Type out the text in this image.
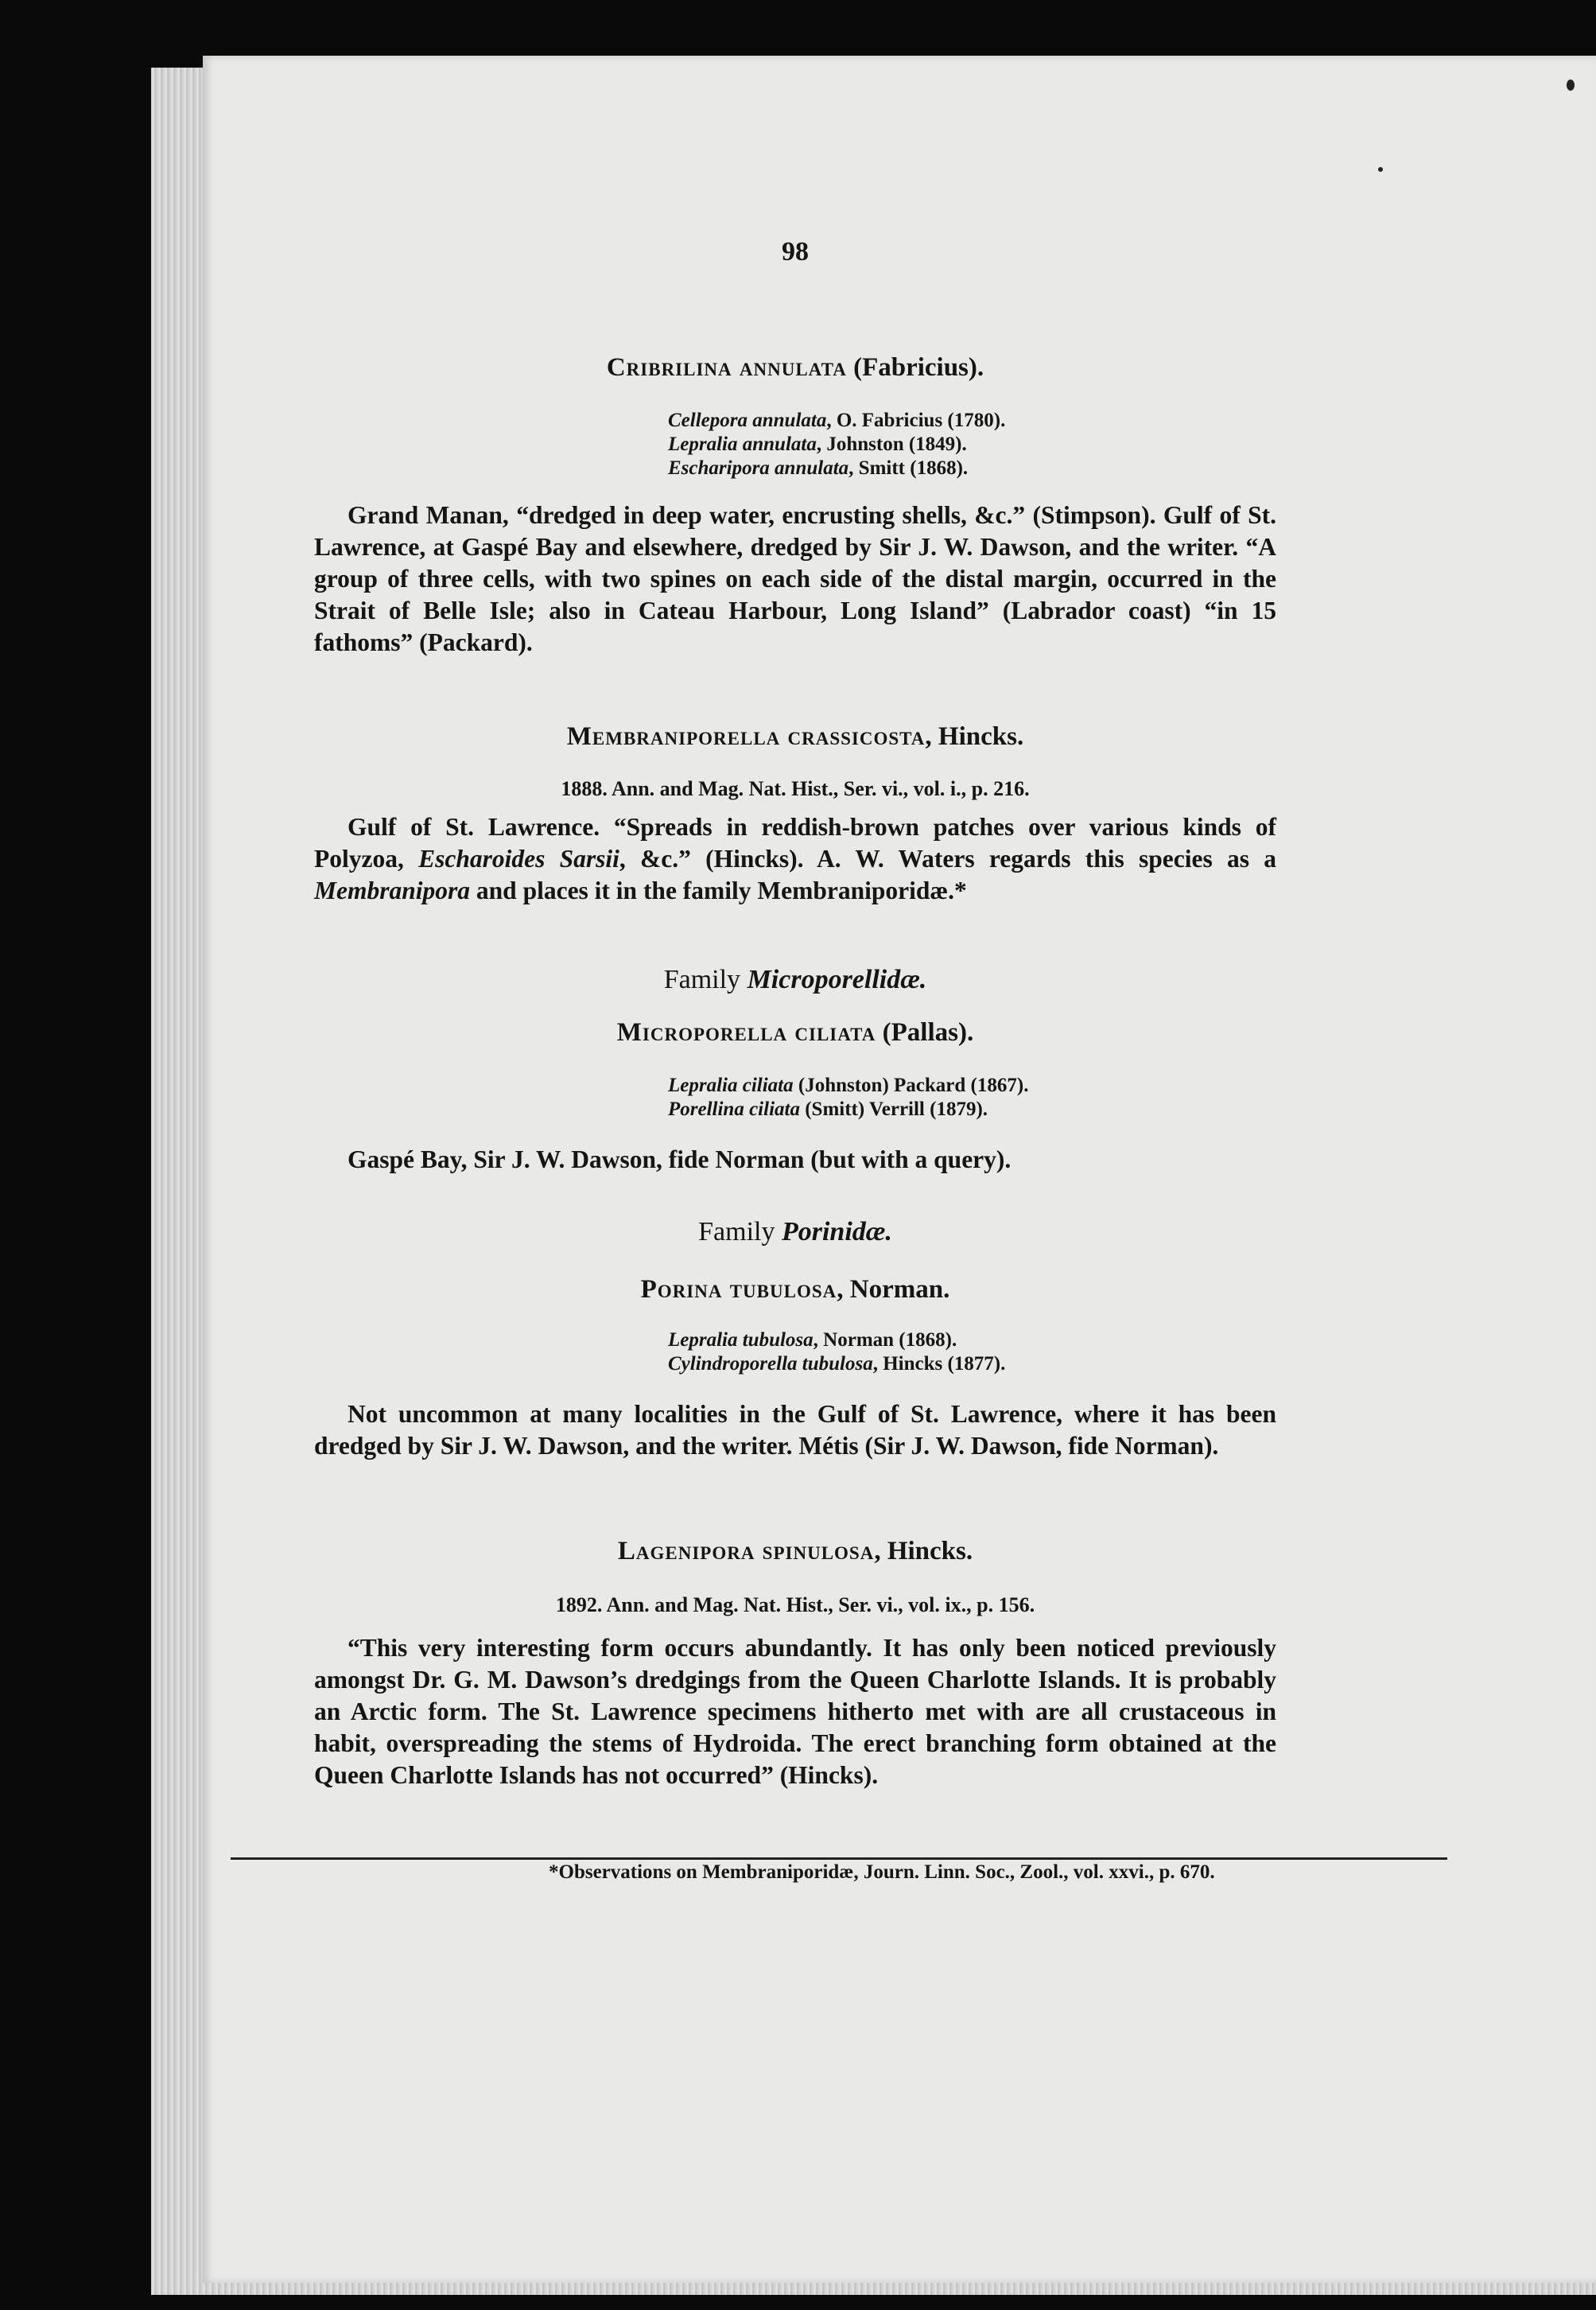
98
Cribrilina annulata (Fabricius).
Cellepora annulata, O. Fabricius (1780).
Lepralia annulata, Johnston (1849).
Escharipora annulata, Smitt (1868).
Grand Manan, “dredged in deep water, encrusting shells, &c.” (Stimpson). Gulf of St. Lawrence, at Gaspé Bay and elsewhere, dredged by Sir J. W. Dawson, and the writer. “A group of three cells, with two spines on each side of the distal margin, occurred in the Strait of Belle Isle; also in Cateau Harbour, Long Island” (Labrador coast) “in 15 fathoms” (Packard).
Membraniporella crassicosta, Hincks.
1888. Ann. and Mag. Nat. Hist., Ser. vi., vol. i., p. 216.
Gulf of St. Lawrence. “Spreads in reddish-brown patches over various kinds of Polyzoa, Escharoides Sarsii, &c.” (Hincks). A. W. Waters regards this species as a Membranipora and places it in the family Membraniporidæ.*
Family Microporellidæ.
Microporella ciliata (Pallas).
Lepralia ciliata (Johnston) Packard (1867).
Porellina ciliata (Smitt) Verrill (1879).
Gaspé Bay, Sir J. W. Dawson, fide Norman (but with a query).
Family Porinidæ.
Porina tubulosa, Norman.
Lepralia tubulosa, Norman (1868).
Cylindroporella tubulosa, Hincks (1877).
Not uncommon at many localities in the Gulf of St. Lawrence, where it has been dredged by Sir J. W. Dawson, and the writer. Métis (Sir J. W. Dawson, fide Norman).
Lagenipora spinulosa, Hincks.
1892. Ann. and Mag. Nat. Hist., Ser. vi., vol. ix., p. 156.
“This very interesting form occurs abundantly. It has only been noticed previously amongst Dr. G. M. Dawson’s dredgings from the Queen Charlotte Islands. It is probably an Arctic form. The St. Lawrence specimens hitherto met with are all crustaceous in habit, overspreading the stems of Hydroida. The erect branching form obtained at the Queen Charlotte Islands has not occurred” (Hincks).
*Observations on Membraniporidæ, Journ. Linn. Soc., Zool., vol. xxvi., p. 670.
